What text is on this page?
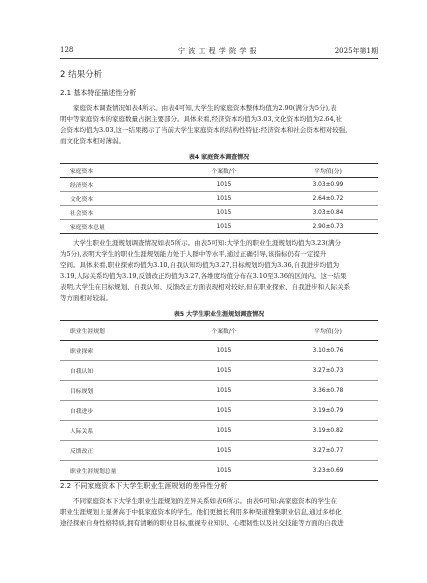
128	宁 波 工 程 学 院 学 报	2025年第1期
2 结果分析
2.1 基本特征描述性分析
家庭资本调查情况如表4所示。由表4可知,大学生的家庭资本整体均值为2.90(满分为5分),表
明中等家庭资本的家庭数量占据主要部分。具体来看,经济资本均值为3.03,文化资本均值为2.64,社
会资本均值为3.03,这一结果揭示了当前大学生家庭资本的结构性特征:经济资本和社会资本相对较强,
而文化资本相对薄弱。
表4 家庭资本调查情况
家庭资本	个案数/个	平均值(分)
经济资本	1015	3.03±0.99
文化资本	1015	2.64±0.72
社会资本	1015	3.03±0.84
家庭资本总量	1015	2.90±0.73
大学生职业生涯规划调查情况如表5所示。由表5可知:大学生的职业生涯规划均值为3.23(满分
为5分),表明大学生的职业生涯规划能力处于人群中等水平,通过正确引导,该指标仍有一定提升
空间。具体来看,职业探索均值为3.10,自我认知均值为3.27,目标规划均值为3.36,自我进步均值为
3.19,人际关系均值为3.19,反馈改正均值为3.27,各维度均值分布在3.10至3.36的区间内。这一结果
表明,大学生在目标规划、自我认知、反馈改正方面表现相对较好,但在职业探索、自我进步和人际关系
等方面相对较弱。
表5 大学生职业生涯规划调查情况
职业生涯规划	个案数/个	平均值(分)
职业探索	1015	3.10±0.76
自我认知	1015	3.27±0.73
目标规划	1015	3.36±0.78
自我进步	1015	3.19±0.79
人际关系	1015	3.19±0.82
反馈改正	1015	3.27±0.77
职业生涯规划总量	1015	3.23±0.69
2.2 不同家庭资本下大学生职业生涯规划的差异性分析
不同家庭资本下大学生职业生涯规划的差异关系如表6所示。由表6可知:高家庭资本的学生在
职业生涯规划上显著高于中低家庭资本的学生。他们更擅长利用多种渠道搜集职业信息,通过多样化
途径探索自身性格特质,拥有清晰的职业目标,重视专业知识、心理韧性以及社交技能等方面的自我进
